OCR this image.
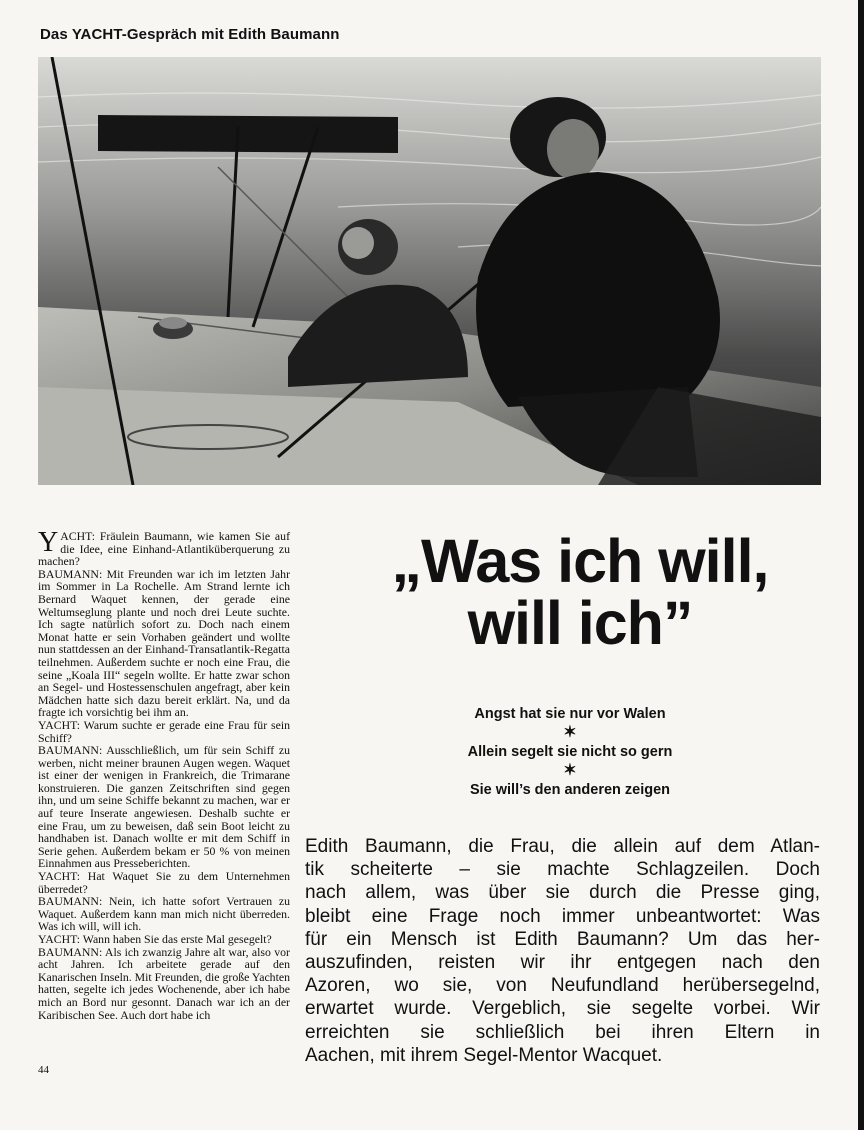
Das YACHT-Gespräch mit Edith Baumann

Y ACHT: Fräulein Baumann, wie kamen Sie auf die Idee, eine Einhand-Atlantiküberquerung zu machen?

BAUMANN: Mit Freunden war ich im letzten Jahr im Sommer in La Rochelle. Am Strand lernte ich Bernard Waquet kennen, der gerade eine Weltumseglung plante und noch drei Leute suchte. Ich sagte natürlich sofort zu. Doch nach einem Monat hatte er sein Vorhaben geändert und wollte nun stattdessen an der Einhand-Transatlantik-Regatta teilnehmen. Außerdem suchte er noch eine Frau, die seine „Koala III“ segeln wollte. Er hatte zwar schon an Segel- und Hostessenschulen angefragt, aber kein Mädchen hatte sich dazu bereit erklärt. Na, und da fragte ich vorsichtig bei ihm an.

YACHT: Warum suchte er gerade eine Frau für sein Schiff?

BAUMANN: Ausschließlich, um für sein Schiff zu werben, nicht meiner braunen Augen wegen. Waquet ist einer der wenigen in Frankreich, die Trimarane konstruieren. Die ganzen Zeitschriften sind gegen ihn, und um seine Schiffe bekannt zu machen, war er auf teure Inserate angewiesen. Deshalb suchte er eine Frau, um zu beweisen, daß sein Boot leicht zu handhaben ist. Danach wollte er mit dem Schiff in Serie gehen. Außerdem bekam er 50 % von meinen Einnahmen aus Presseberichten.

YACHT: Hat Waquet Sie zu dem Unternehmen überredet?

BAUMANN: Nein, ich hatte sofort Vertrauen zu Waquet. Außerdem kann man mich nicht überreden. Was ich will, will ich.

YACHT: Wann haben Sie das erste Mal gesegelt?

BAUMANN: Als ich zwanzig Jahre alt war, also vor acht Jahren. Ich arbeitete gerade auf den Kanarischen Inseln. Mit Freunden, die große Yachten hatten, segelte ich jedes Wochenende, aber ich habe mich an Bord nur gesonnt. Danach war ich an der Karibischen See. Auch dort habe ich

44
„Was ich will,
will ich”
Angst hat sie nur vor Walen
✶
Allein segelt sie nicht so gern
✶
Sie will’s den anderen zeigen
Edith Baumann, die Frau, die allein auf dem Atlan-
tik scheiterte – sie machte Schlagzeilen. Doch
nach allem, was über sie durch die Presse ging,
bleibt eine Frage noch immer unbeantwortet: Was
für ein Mensch ist Edith Baumann? Um das her-
auszufinden, reisten wir ihr entgegen nach den
Azoren, wo sie, von Neufundland herübersegelnd,
erwartet wurde. Vergeblich, sie segelte vorbei. Wir
erreichten sie schließlich bei ihren Eltern in
Aachen, mit ihrem Segel-Mentor Wacquet.
